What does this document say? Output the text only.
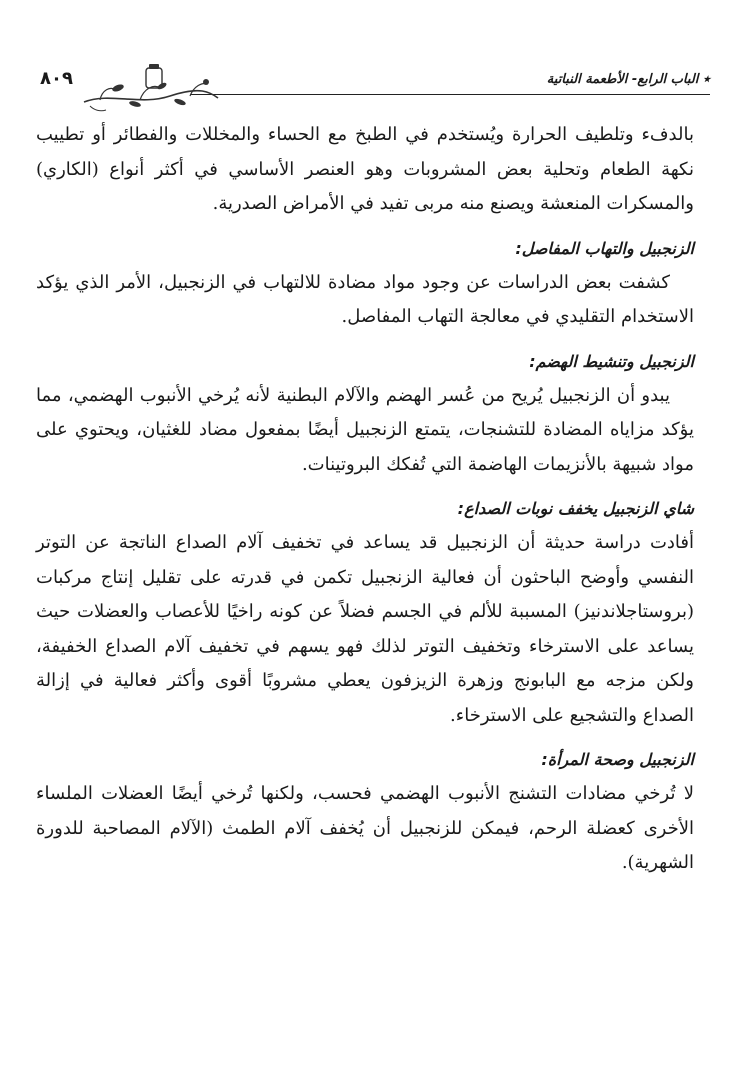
٭ الباب الرابع- الأطعمة النباتية
٨٠٩

بالدفء وتلطيف الحرارة ويُستخدم في الطبخ مع الحساء والمخللات والفطائر أو تطييب نكهة الطعام وتحلية بعض المشروبات وهو العنصر الأساسي في أكثر أنواع (الكاري) والمسكرات المنعشة ويصنع منه مربى تفيد في الأمراض الصدرية.

الزنجبيل والتهاب المفاصل:

كشفت بعض الدراسات عن وجود مواد مضادة للالتهاب في الزنجبيل، الأمر الذي يؤكد الاستخدام التقليدي في معالجة التهاب المفاصل.

الزنجبيل وتنشيط الهضم:

يبدو أن الزنجبيل يُريح من عُسر الهضم والآلام البطنية لأنه يُرخي الأنبوب الهضمي، مما يؤكد مزاياه المضادة للتشنجات، يتمتع الزنجبيل أيضًا بمفعول مضاد للغثيان، ويحتوي على مواد شبيهة بالأنزيمات الهاضمة التي تُفكك البروتينات.

شاي الزنجبيل يخفف نوبات الصداع:

أفادت دراسة حديثة أن الزنجبيل قد يساعد في تخفيف آلام الصداع الناتجة عن التوتر النفسي وأوضح الباحثون أن فعالية الزنجبيل تكمن في قدرته على تقليل إنتاج مركبات (بروستاجلاندنيز) المسببة للألم في الجسم فضلاً عن كونه راخيًا للأعصاب والعضلات حيث يساعد على الاسترخاء وتخفيف التوتر لذلك فهو يسهم في تخفيف آلام الصداع الخفيفة، ولكن مزجه مع البابونج وزهرة الزيزفون يعطي مشروبًا أقوى وأكثر فعالية في إزالة الصداع والتشجيع على الاسترخاء.

الزنجبيل وصحة المرأة:

لا تُرخي مضادات التشنج الأنبوب الهضمي فحسب، ولكنها تُرخي أيضًا العضلات الملساء الأخرى كعضلة الرحم، فيمكن للزنجبيل أن يُخفف آلام الطمث (الآلام المصاحبة للدورة الشهرية).
